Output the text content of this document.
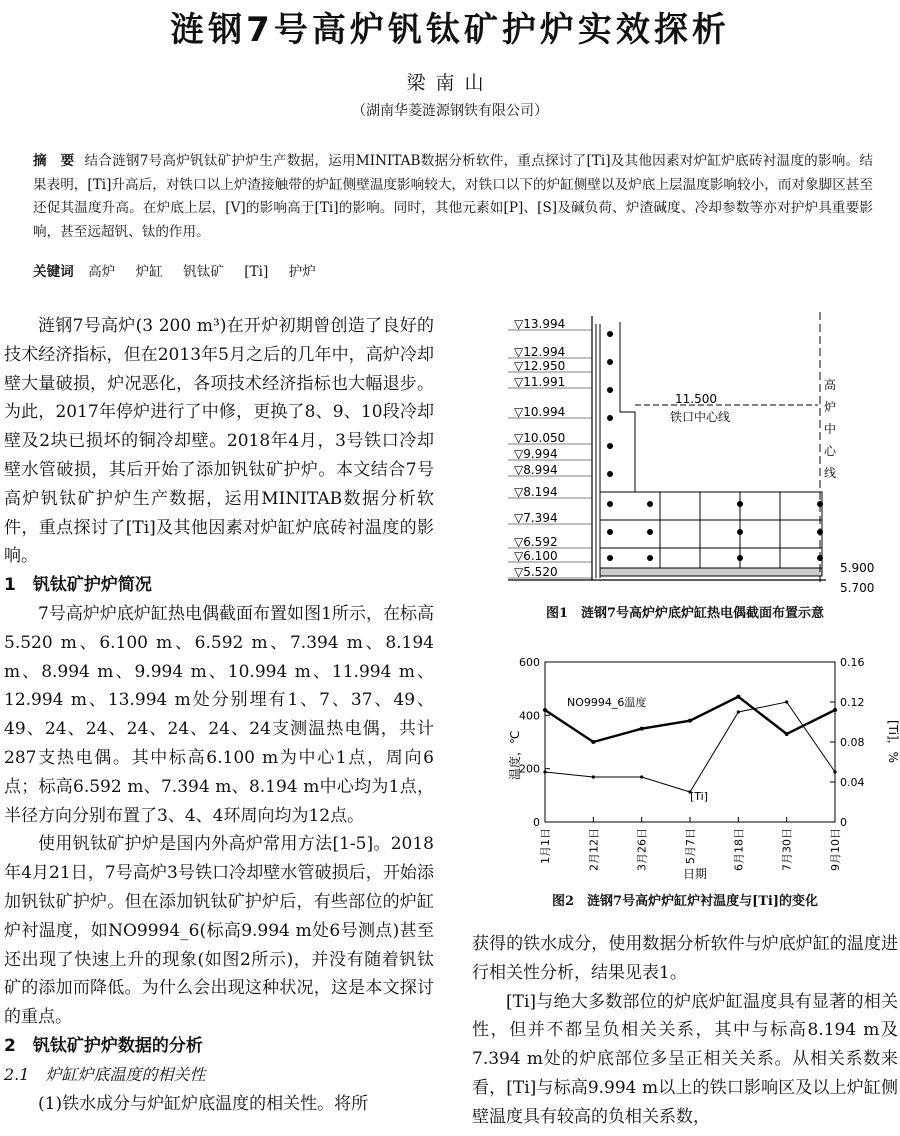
涟钢7号高炉钒钛矿护炉实效探析
梁南山
（湖南华菱涟源钢铁有限公司）
摘　要 结合涟钢7号高炉钒钛矿护炉生产数据，运用MINITAB数据分析软件，重点探讨了[Ti]及其他因素对炉缸炉底砖衬温度的影响。结果表明，[Ti]升高后，对铁口以上炉渣接触带的炉缸侧壁温度影响较大，对铁口以下的炉缸侧壁以及炉底上层温度影响较小，而对象脚区甚至还促其温度升高。在炉底上层，[V]的影响高于[Ti]的影响。同时，其他元素如[P]、[S]及碱负荷、炉渣碱度、冷却参数等亦对护炉具重要影响，甚至远超钒、钛的作用。
关键词 高炉 炉缸 钒钛矿 [Ti] 护炉

涟钢7号高炉(3 200 m³)在开炉初期曾创造了良好的技术经济指标，但在2013年5月之后的几年中，高炉冷却壁大量破损，炉况恶化，各项技术经济指标也大幅退步。为此，2017年停炉进行了中修，更换了8、9、10段冷却壁及2块已损坏的铜冷却壁。2018年4月，3号铁口冷却壁水管破损，其后开始了添加钒钛矿护炉。本文结合7号高炉钒钛矿护炉生产数据，运用MINITAB数据分析软件，重点探讨了[Ti]及其他因素对炉缸炉底砖衬温度的影响。

1　钒钛矿护炉简况

7号高炉炉底炉缸热电偶截面布置如图1所示，在标高5.520 m、6.100 m、6.592 m、7.394 m、8.194 m、8.994 m、9.994 m、10.994 m、11.994 m、12.994 m、13.994 m处分别埋有1、7、37、49、49、24、24、24、24、24、24支测温热电偶，共计287支热电偶。其中标高6.100 m为中心1点，周向6点；标高6.592 m、7.394 m、8.194 m中心均为1点，半径方向分别布置了3、4、4环周向均为12点。

使用钒钛矿护炉是国内外高炉常用方法[1-5]。2018年4月21日，7号高炉3号铁口冷却壁水管破损后，开始添加钒钛矿护炉。但在添加钒钛矿护炉后，有些部位的炉缸炉衬温度，如NO9994_6(标高9.994 m处6号测点)甚至还出现了快速上升的现象(如图2所示)，并没有随着钒钛矿的添加而降低。为什么会出现这种状况，这是本文探讨的重点。

2　钒钛矿护炉数据的分析
2.1　炉缸炉底温度的相关性

(1)铁水成分与炉缸炉底温度的相关性。将所

▽13.994
▽12.994
▽12.950
▽11.991
▽10.994
▽10.050
▽9.994
▽8.994
▽8.194
▽7.394
▽6.592
▽6.100
▽5.520
11.500
铁口中心线
高炉中心线
5.900
5.700
图1　涟钢7号高炉炉底炉缸热电偶截面布置示意
0
200
400
600
0
0.04
0.08
0.12
0.16
1月1日	2月12日	3月26日	5月7日	6月18日	7月30日	9月10日
NO9994_6温度
[Ti]
日期
温度，℃	[Ti]，%
图2　涟钢7号高炉炉缸炉衬温度与[Ti]的变化

获得的铁水成分，使用数据分析软件与炉底炉缸的温度进行相关性分析，结果见表1。

[Ti]与绝大多数部位的炉底炉缸温度具有显著的相关性，但并不都呈负相关关系，其中与标高8.194 m及7.394 m处的炉底部位多呈正相关关系。从相关系数来看，[Ti]与标高9.994 m以上的铁口影响区及以上炉缸侧壁温度具有较高的负相关系数，
